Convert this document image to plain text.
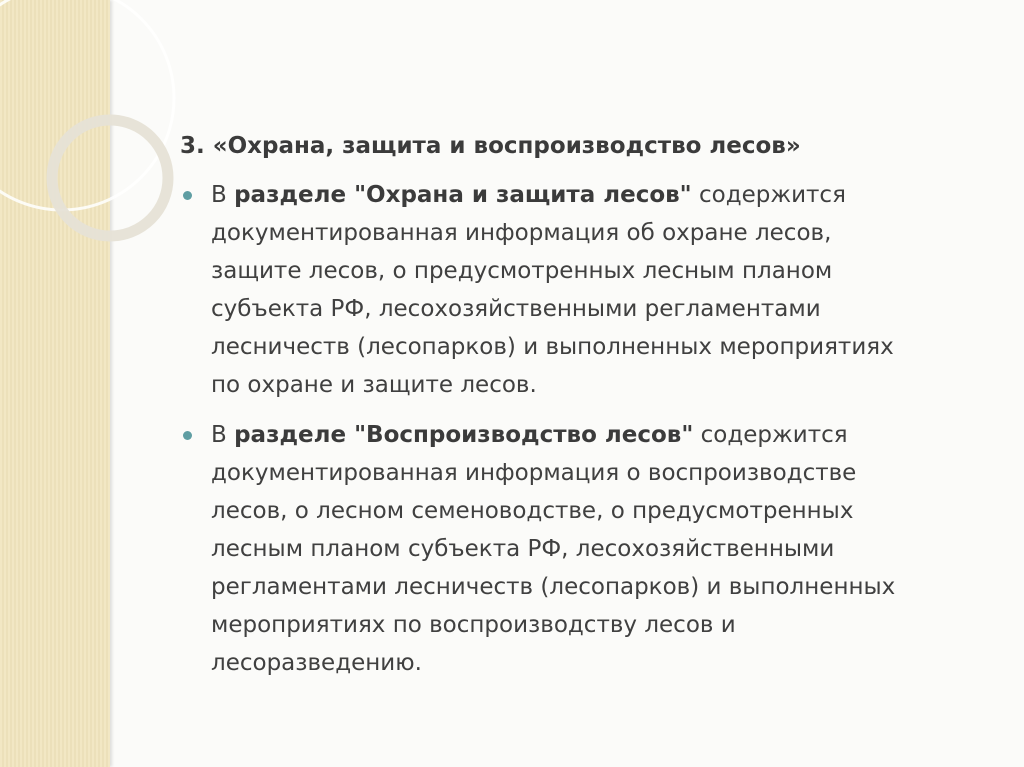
3. «Охрана, защита и воспроизводство лесов»

В разделе "Охрана и защита лесов" содержится
документированная информация об охране лесов,
защите лесов, о предусмотренных лесным планом
субъекта РФ, лесохозяйственными регламентами
лесничеств (лесопарков) и выполненных мероприятиях
по охране и защите лесов.
В разделе "Воспроизводство лесов" содержится
документированная информация о воспроизводстве
лесов, о лесном семеноводстве, о предусмотренных
лесным планом субъекта РФ, лесохозяйственными
регламентами лесничеств (лесопарков) и выполненных
мероприятиях по воспроизводству лесов и
лесоразведению.
